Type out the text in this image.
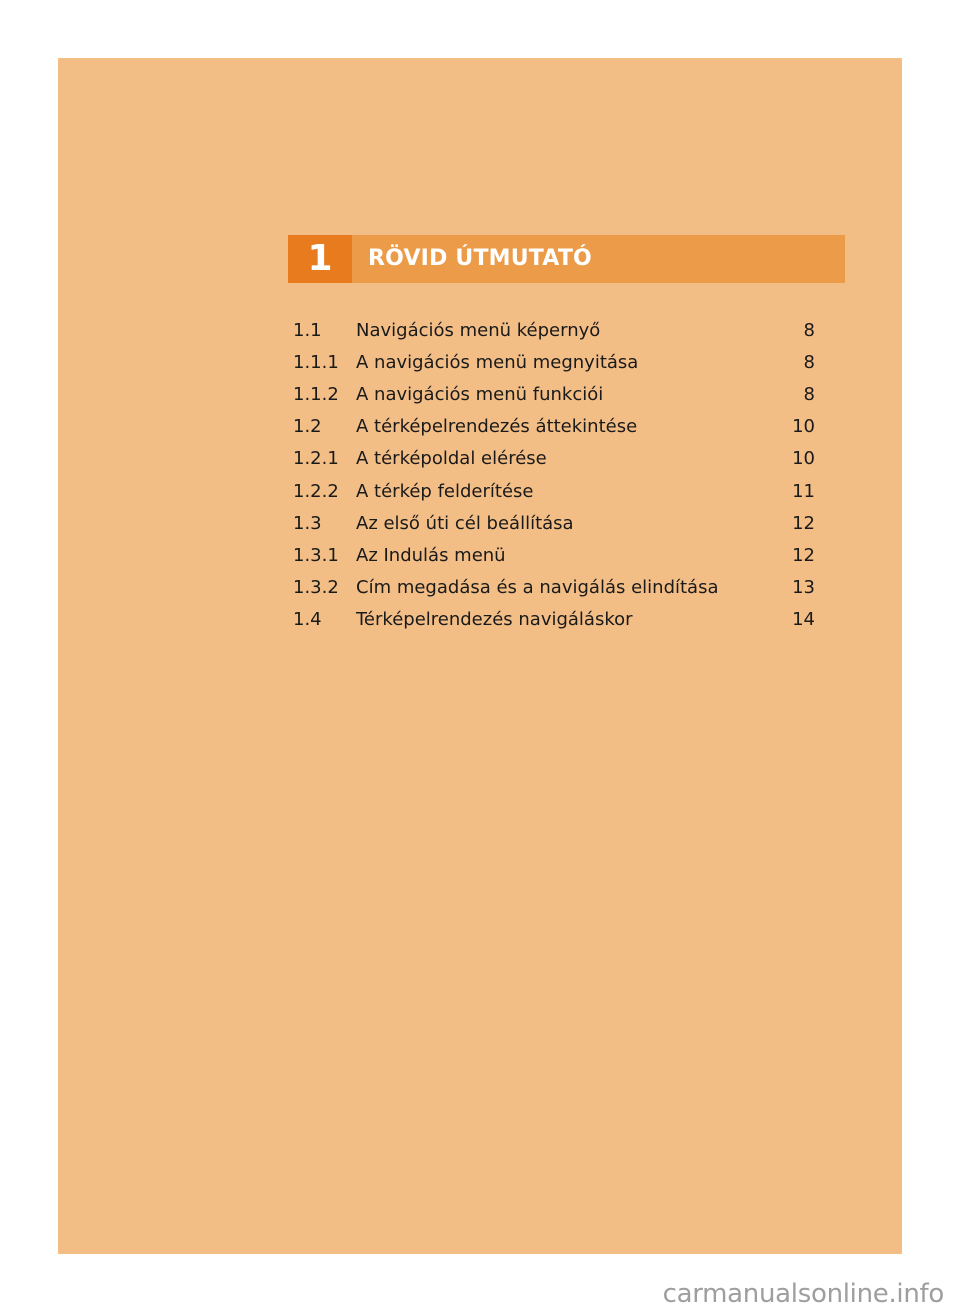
1	RÖVID ÚTMUTATÓ
1.1	Navigációs menü képernyő	8
1.1.1 A navigációs menü megnyitása	8
1.1.2 A navigációs menü funkciói	8
1.2	A térképelrendezés áttekintése	10
1.2.1 A térképoldal elérése	10
1.2.2 A térkép felderítése	11
1.3	Az első úti cél beállítása	12
1.3.1 Az Indulás menü	12
1.3.2 Cím megadása és a navigálás elindítása	13
1.4	Térképelrendezés navigáláskor	14
carmanualsonline.info
